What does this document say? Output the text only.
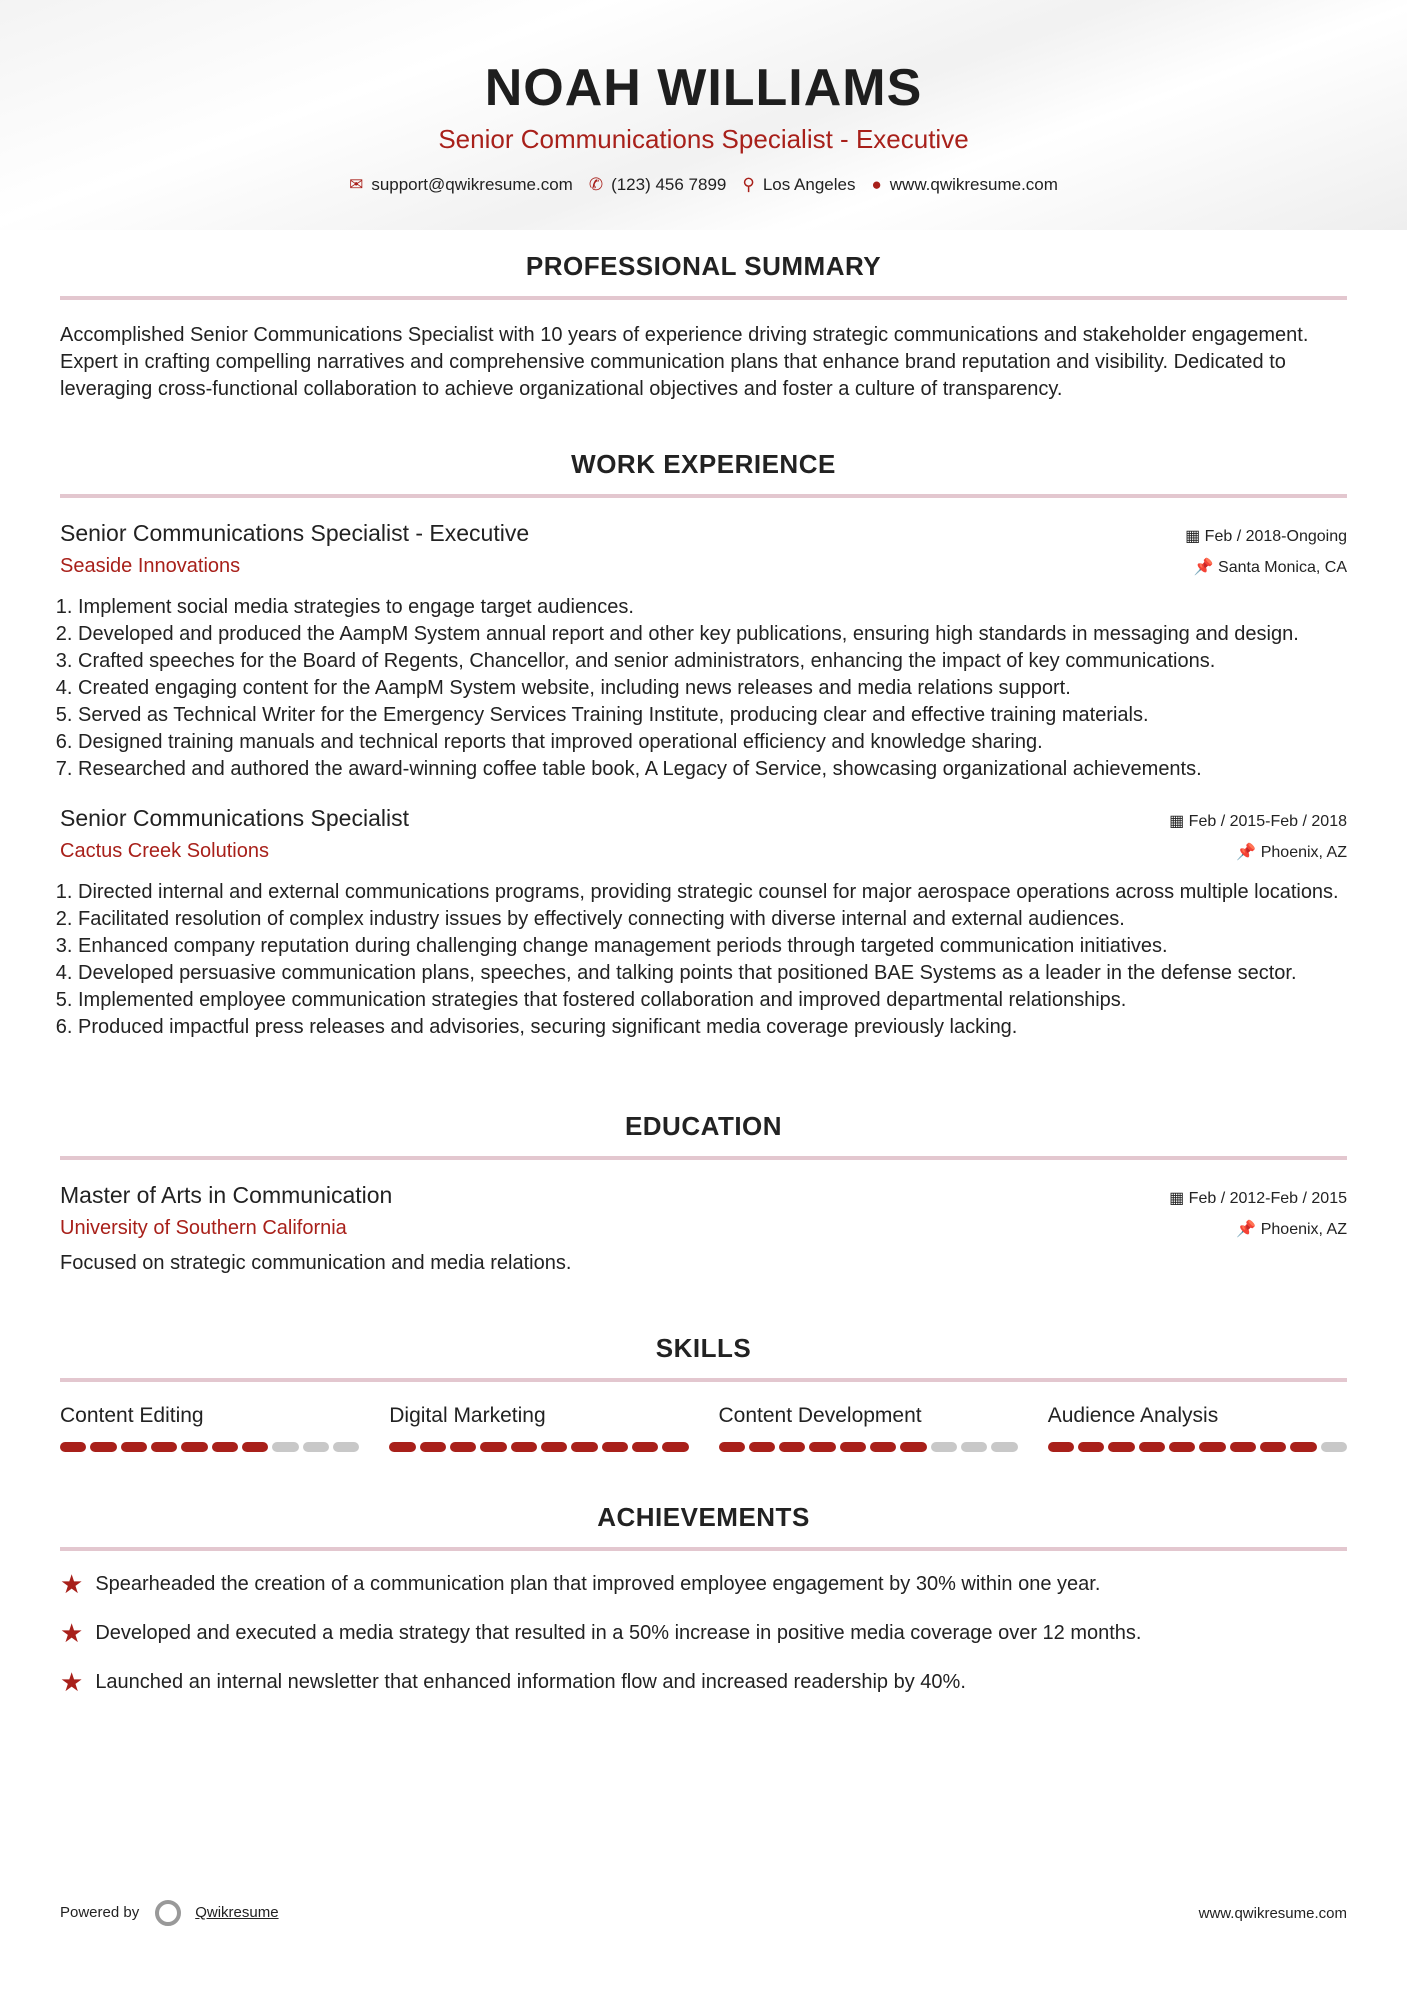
NOAH WILLIAMS
Senior Communications Specialist - Executive
✉ support@qwikresume.com ✆ (123) 456 7899 ⚲ Los Angeles ● www.qwikresume.com
PROFESSIONAL SUMMARY

Accomplished Senior Communications Specialist with 10 years of experience driving strategic communications and stakeholder engagement. Expert in crafting compelling narratives and comprehensive communication plans that enhance brand reputation and visibility. Dedicated to leveraging cross-functional collaboration to achieve organizational objectives and foster a culture of transparency.

WORK EXPERIENCE
Senior Communications Specialist - Executive	▦ Feb / 2018-Ongoing
Seaside Innovations	📌 Santa Monica, CA
1. Implement social media strategies to engage target audiences.
2. Developed and produced the AampM System annual report and other key publications, ensuring high standards in messaging and design.
3. Crafted speeches for the Board of Regents, Chancellor, and senior administrators, enhancing the impact of key communications.
4. Created engaging content for the AampM System website, including news releases and media relations support.
5. Served as Technical Writer for the Emergency Services Training Institute, producing clear and effective training materials.
6. Designed training manuals and technical reports that improved operational efficiency and knowledge sharing.
7. Researched and authored the award-winning coffee table book, A Legacy of Service, showcasing organizational achievements.
Senior Communications Specialist	▦ Feb / 2015-Feb / 2018
Cactus Creek Solutions	📌 Phoenix, AZ
1. Directed internal and external communications programs, providing strategic counsel for major aerospace operations across multiple locations.
2. Facilitated resolution of complex industry issues by effectively connecting with diverse internal and external audiences.
3. Enhanced company reputation during challenging change management periods through targeted communication initiatives.
4. Developed persuasive communication plans, speeches, and talking points that positioned BAE Systems as a leader in the defense sector.
5. Implemented employee communication strategies that fostered collaboration and improved departmental relationships.
6. Produced impactful press releases and advisories, securing significant media coverage previously lacking.
EDUCATION
Master of Arts in Communication	▦ Feb / 2012-Feb / 2015
University of Southern California	📌 Phoenix, AZ

Focused on strategic communication and media relations.

SKILLS
Content Editing	Digital Marketing	Content Development	Audience Analysis
ACHIEVEMENTS
★ Spearheaded the creation of a communication plan that improved employee engagement by 30% within one year.
★ Developed and executed a media strategy that resulted in a 50% increase in positive media coverage over 12 months.
★ Launched an internal newsletter that enhanced information flow and increased readership by 40%.
Powered by	Qwikresume	www.qwikresume.com
